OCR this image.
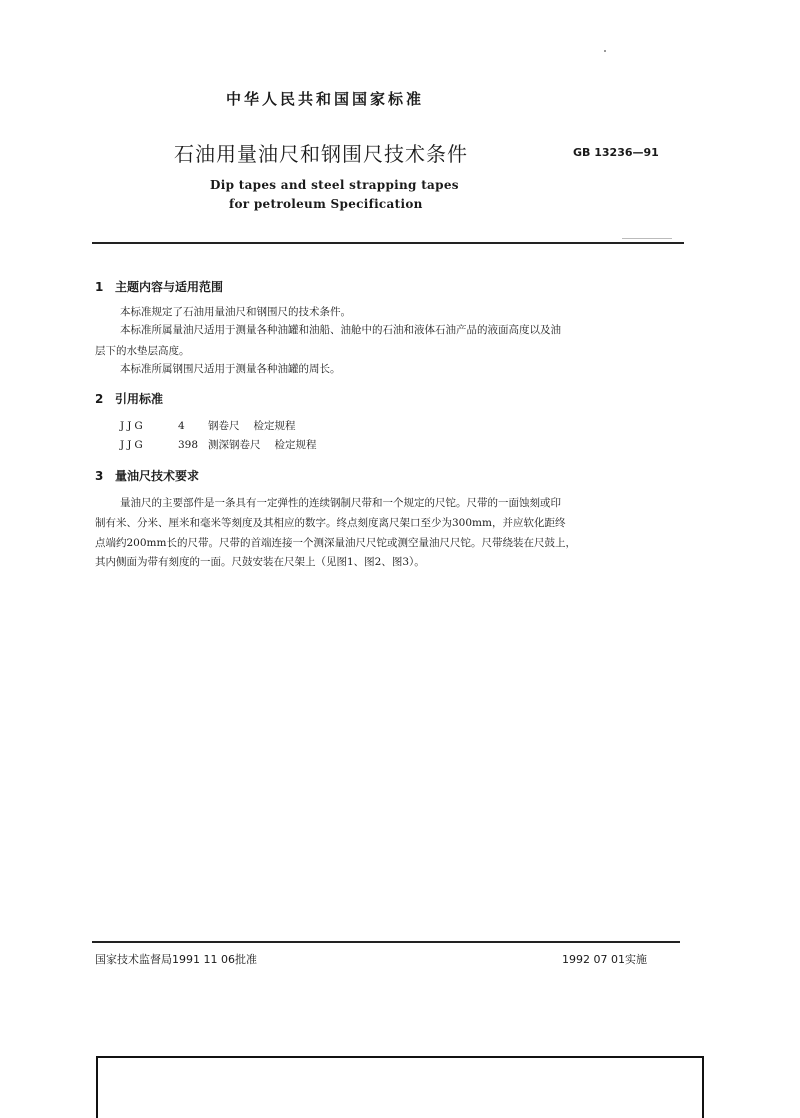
中华人民共和国国家标准
石油用量油尺和钢围尺技术条件	GB 13236—91
Dip tapes and steel strapping tapes
for petroleum Specification
1 主题内容与适用范围
本标准规定了石油用量油尺和钢围尺的技术条件。
本标准所属量油尺适用于测量各种油罐和油船、油舱中的石油和液体石油产品的液面高度以及油
层下的水垫层高度。
本标准所属钢围尺适用于测量各种油罐的周长。
2 引用标准
JJG	4 钢卷尺 检定规程
JJG	398 测深钢卷尺 检定规程
3 量油尺技术要求
量油尺的主要部件是一条具有一定弹性的连续钢制尺带和一个规定的尺铊。尺带的一面蚀刻或印
制有米、分米、厘米和毫米等刻度及其相应的数字。终点刻度离尺架口至少为300mm，并应软化距终
点端约200mm长的尺带。尺带的首端连接一个测深量油尺尺铊或测空量油尺尺铊。尺带绕装在尺鼓上，
其内侧面为带有刻度的一面。尺鼓安装在尺架上（见图1、图2、图3）。
国家技术监督局1991 11 06批准	1992 07 01实施
